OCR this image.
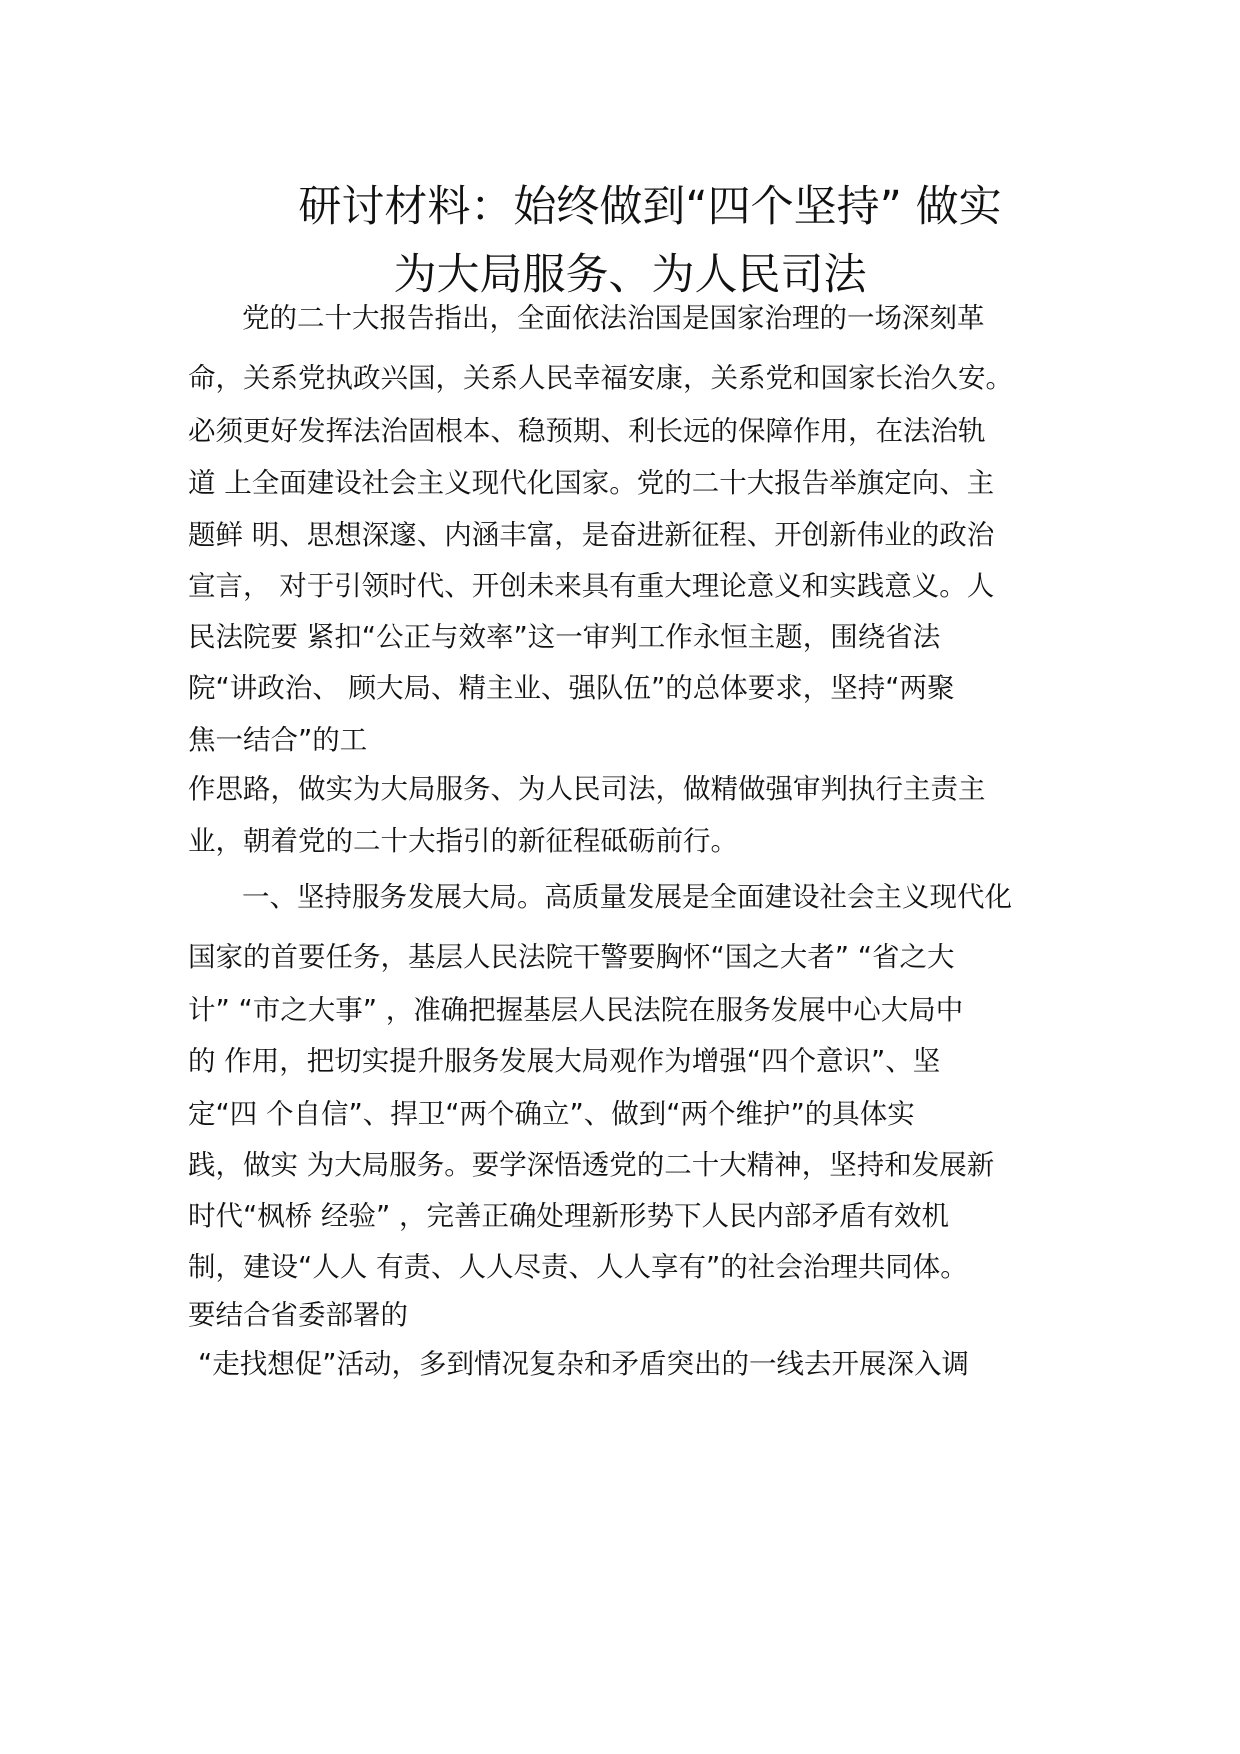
研讨材料：始终做到“四个坚持” 做实
为大局服务、为人民司法

党的二十大报告指出，全面依法治国是国家治理的一场深刻革

命，关系党执政兴国，关系人民幸福安康，关系党和国家长治久安。

必须更好发挥法治固根本、稳预期、利长远的保障作用，在法治轨

道 上全面建设社会主义现代化国家。党的二十大报告举旗定向、主

题鲜 明、思想深邃、内涵丰富，是奋进新征程、开创新伟业的政治

宣言， 对于引领时代、开创未来具有重大理论意义和实践意义。人

民法院要 紧扣“公正与效率”这一审判工作永恒主题，围绕省法

院“讲政治、 顾大局、精主业、强队伍”的总体要求，坚持“两聚

焦一结合”的工

作思路，做实为大局服务、为人民司法，做精做强审判执行主责主

业，朝着党的二十大指引的新征程砥砺前行。

一、坚持服务发展大局。高质量发展是全面建设社会主义现代化

国家的首要任务，基层人民法院干警要胸怀“国之大者” “省之大

计” “市之大事” ，准确把握基层人民法院在服务发展中心大局中

的 作用，把切实提升服务发展大局观作为增强“四个意识”、坚

定“四 个自信”、捍卫“两个确立”、做到“两个维护”的具体实

践，做实 为大局服务。要学深悟透党的二十大精神，坚持和发展新

时代“枫桥 经验” ，完善正确处理新形势下人民内部矛盾有效机

制，建设“人人 有责、人人尽责、人人享有”的社会治理共同体。

要结合省委部署的

“走找想促”活动，多到情况复杂和矛盾突出的一线去开展深入调
